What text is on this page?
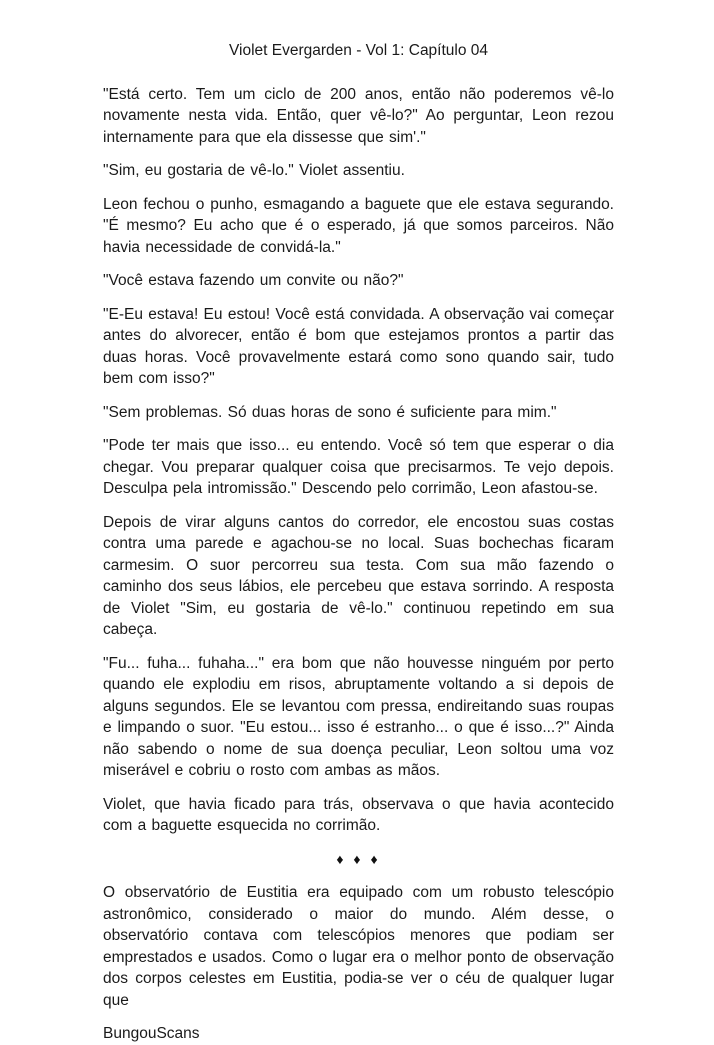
Violet Evergarden - Vol 1: Capítulo 04

"Está certo. Tem um ciclo de 200 anos, então não poderemos vê-lo novamente nesta vida. Então, quer vê-lo?" Ao perguntar, Leon rezou internamente para que ela dissesse que sim'."

"Sim, eu gostaria de vê-lo." Violet assentiu.

Leon fechou o punho, esmagando a baguete que ele estava segurando. "É mesmo? Eu acho que é o esperado, já que somos parceiros. Não havia necessidade de convidá-la."

"Você estava fazendo um convite ou não?"

"E-Eu estava! Eu estou! Você está convidada. A observação vai começar antes do alvorecer, então é bom que estejamos prontos a partir das duas horas. Você provavelmente estará como sono quando sair, tudo bem com isso?"

"Sem problemas. Só duas horas de sono é suficiente para mim."

"Pode ter mais que isso... eu entendo. Você só tem que esperar o dia chegar. Vou preparar qualquer coisa que precisarmos. Te vejo depois. Desculpa pela intromissão." Descendo pelo corrimão, Leon afastou-se.

Depois de virar alguns cantos do corredor, ele encostou suas costas contra uma parede e agachou-se no local. Suas bochechas ficaram carmesim. O suor percorreu sua testa. Com sua mão fazendo o caminho dos seus lábios, ele percebeu que estava sorrindo. A resposta de Violet "Sim, eu gostaria de vê-lo." continuou repetindo em sua cabeça.

"Fu... fuha... fuhaha..." era bom que não houvesse ninguém por perto quando ele explodiu em risos, abruptamente voltando a si depois de alguns segundos. Ele se levantou com pressa, endireitando suas roupas e limpando o suor. "Eu estou... isso é estranho... o que é isso...?" Ainda não sabendo o nome de sua doença peculiar, Leon soltou uma voz miserável e cobriu o rosto com ambas as mãos.

Violet, que havia ficado para trás, observava o que havia acontecido com a baguette esquecida no corrimão.

♦ ♦ ♦

O observatório de Eustitia era equipado com um robusto telescópio astronômico, considerado o maior do mundo. Além desse, o observatório contava com telescópios menores que podiam ser emprestados e usados. Como o lugar era o melhor ponto de observação dos corpos celestes em Eustitia, podia-se ver o céu de qualquer lugar que

BungouScans
